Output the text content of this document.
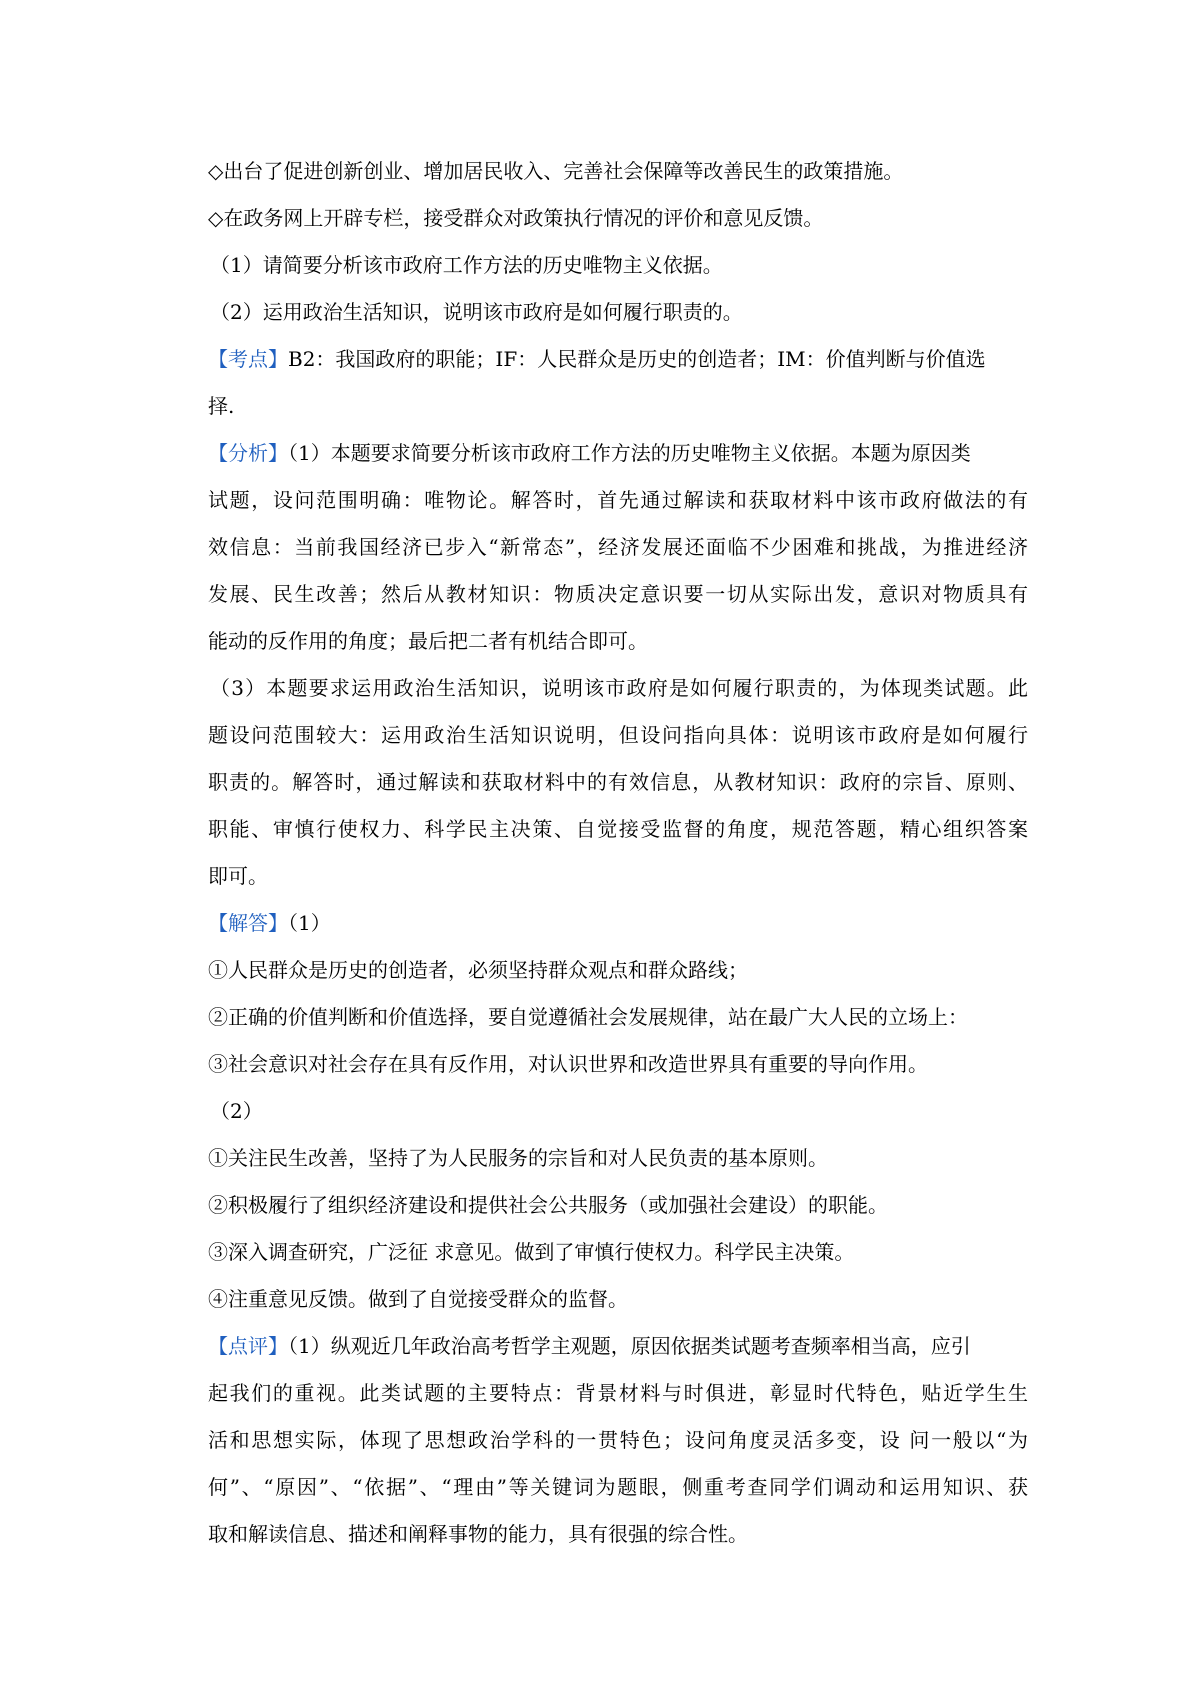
◇出台了促进创新创业、增加居民收入、完善社会保障等改善民生的政策措施。
◇在政务网上开辟专栏，接受群众对政策执行情况的评价和意见反馈。
（1）请简要分析该市政府工作方法的历史唯物主义依据。
（2）运用政治生活知识，说明该市政府是如何履行职责的。
【考点】B2：我国政府的职能；IF：人民群众是历史的创造者；IM：价值判断与价值选
择.
【分析】（1）本题要求简要分析该市政府工作方法的历史唯物主义依据。本题为原因类
试题，设问范围明确：唯物论。解答时，首先通过解读和获取材料中该市政府做法的有
效信息：当前我国经济已步入“新常态”，经济发展还面临不少困难和挑战，为推进经济
发展、民生改善；然后从教材知识：物质决定意识要一切从实际出发，意识对物质具有
能动的反作用的角度；最后把二者有机结合即可。
（3）本题要求运用政治生活知识，说明该市政府是如何履行职责的，为体现类试题。此
题设问范围较大：运用政治生活知识说明，但设问指向具体：说明该市政府是如何履行
职责的。解答时，通过解读和获取材料中的有效信息，从教材知识：政府的宗旨、原则、
职能、审慎行使权力、科学民主决策、自觉接受监督的角度，规范答题，精心组织答案
即可。
【解答】（1）
①人民群众是历史的创造者，必须坚持群众观点和群众路线；
②正确的价值判断和价值选择，要自觉遵循社会发展规律，站在最广大人民的立场上：
③社会意识对社会存在具有反作用，对认识世界和改造世界具有重要的导向作用。
（2）
①关注民生改善，坚持了为人民服务的宗旨和对人民负责的基本原则。
②积极履行了组织经济建设和提供社会公共服务（或加强社会建设）的职能。
③深入调查研究，广泛征 求意见。做到了审慎行使权力。科学民主决策。
④注重意见反馈。做到了自觉接受群众的监督。
【点评】（1）纵观近几年政治高考哲学主观题，原因依据类试题考查频率相当高，应引
起我们的重视。此类试题的主要特点：背景材料与时俱进，彰显时代特色，贴近学生生
活和思想实际，体现了思想政治学科的一贯特色；设问角度灵活多变，设 问一般以“为
何”、“原因”、“依据”、“理由”等关键词为题眼，侧重考查同学们调动和运用知识、获
取和解读信息、描述和阐释事物的能力，具有很强的综合性。
